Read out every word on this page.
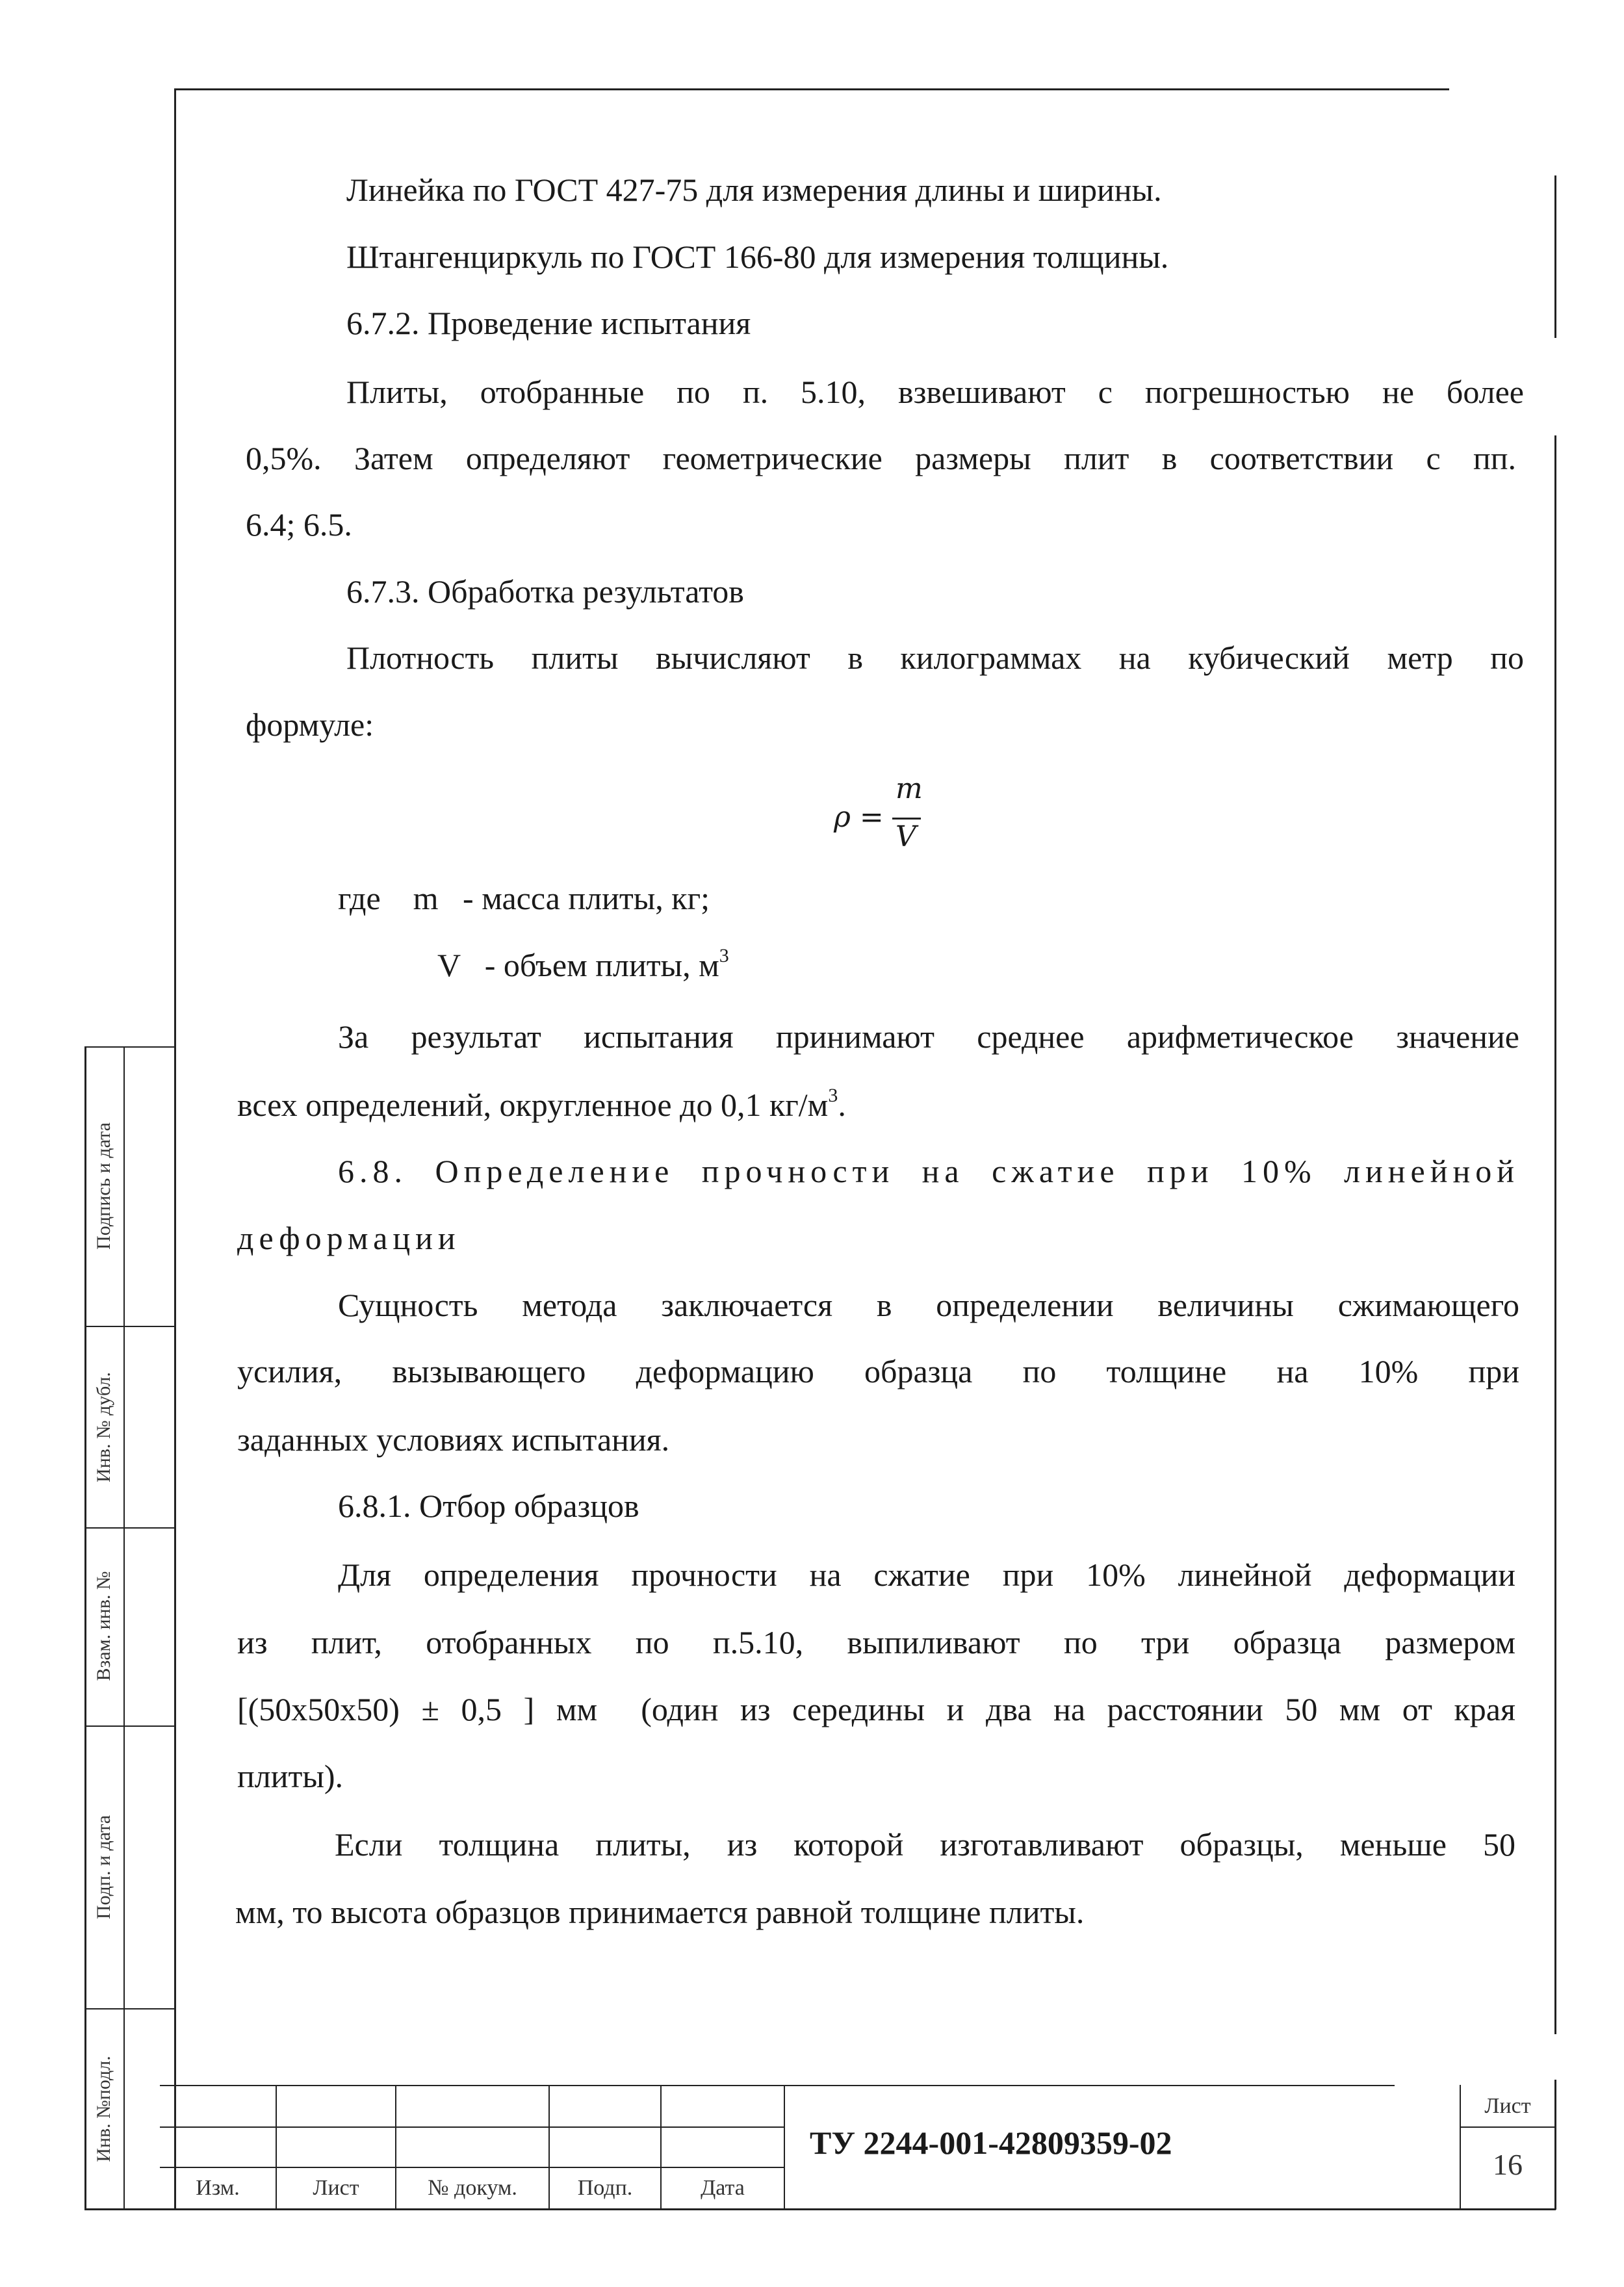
Линейка по ГОСТ 427-75 для измерения длины и ширины.
Штангенциркуль по ГОСТ 166-80 для измерения толщины.
6.7.2. Проведение испытания
Плиты, отобранные по п. 5.10, взвешивают с погрешностью не более
0,5%. Затем определяют геометрические размеры плит в соответствии с пп.
6.4; 6.5.
6.7.3. Обработка результатов
Плотность плиты вычисляют в килограммах на кубический метр по
формуле:
ρ =
m
V
где    m   - масса плиты, кг;
V   - объем плиты, $м^3$
За результат испытания принимают среднее арифметическое значение
всех определений, округленное до 0,1 $кг/м^3$.
6.8. Определение прочности на сжатие при 10% линейной
деформации
Сущность метода заключается в определении величины сжимающего
усилия, вызывающего деформацию образца по толщине на 10% при
заданных условиях испытания.
6.8.1. Отбор образцов
Для определения прочности на сжатие при 10% линейной деформации
из плит, отобранных по п.5.10, выпиливают по три образца размером
[(50х50х50) ± 0,5 ] мм  (один из середины и два на расстоянии 50 мм от края
плиты).
Если толщина плиты, из которой изготавливают образцы, меньше 50
мм, то высота образцов принимается равной толщине плиты.
Подпись и дата
Инв. № дубл.
Взам. инв. №
Подп. и дата
Инв. №подл.
Изм.	Лист	№ докум.	Подп.	Дата
ТУ 2244-001-42809359-02
Лист
16
